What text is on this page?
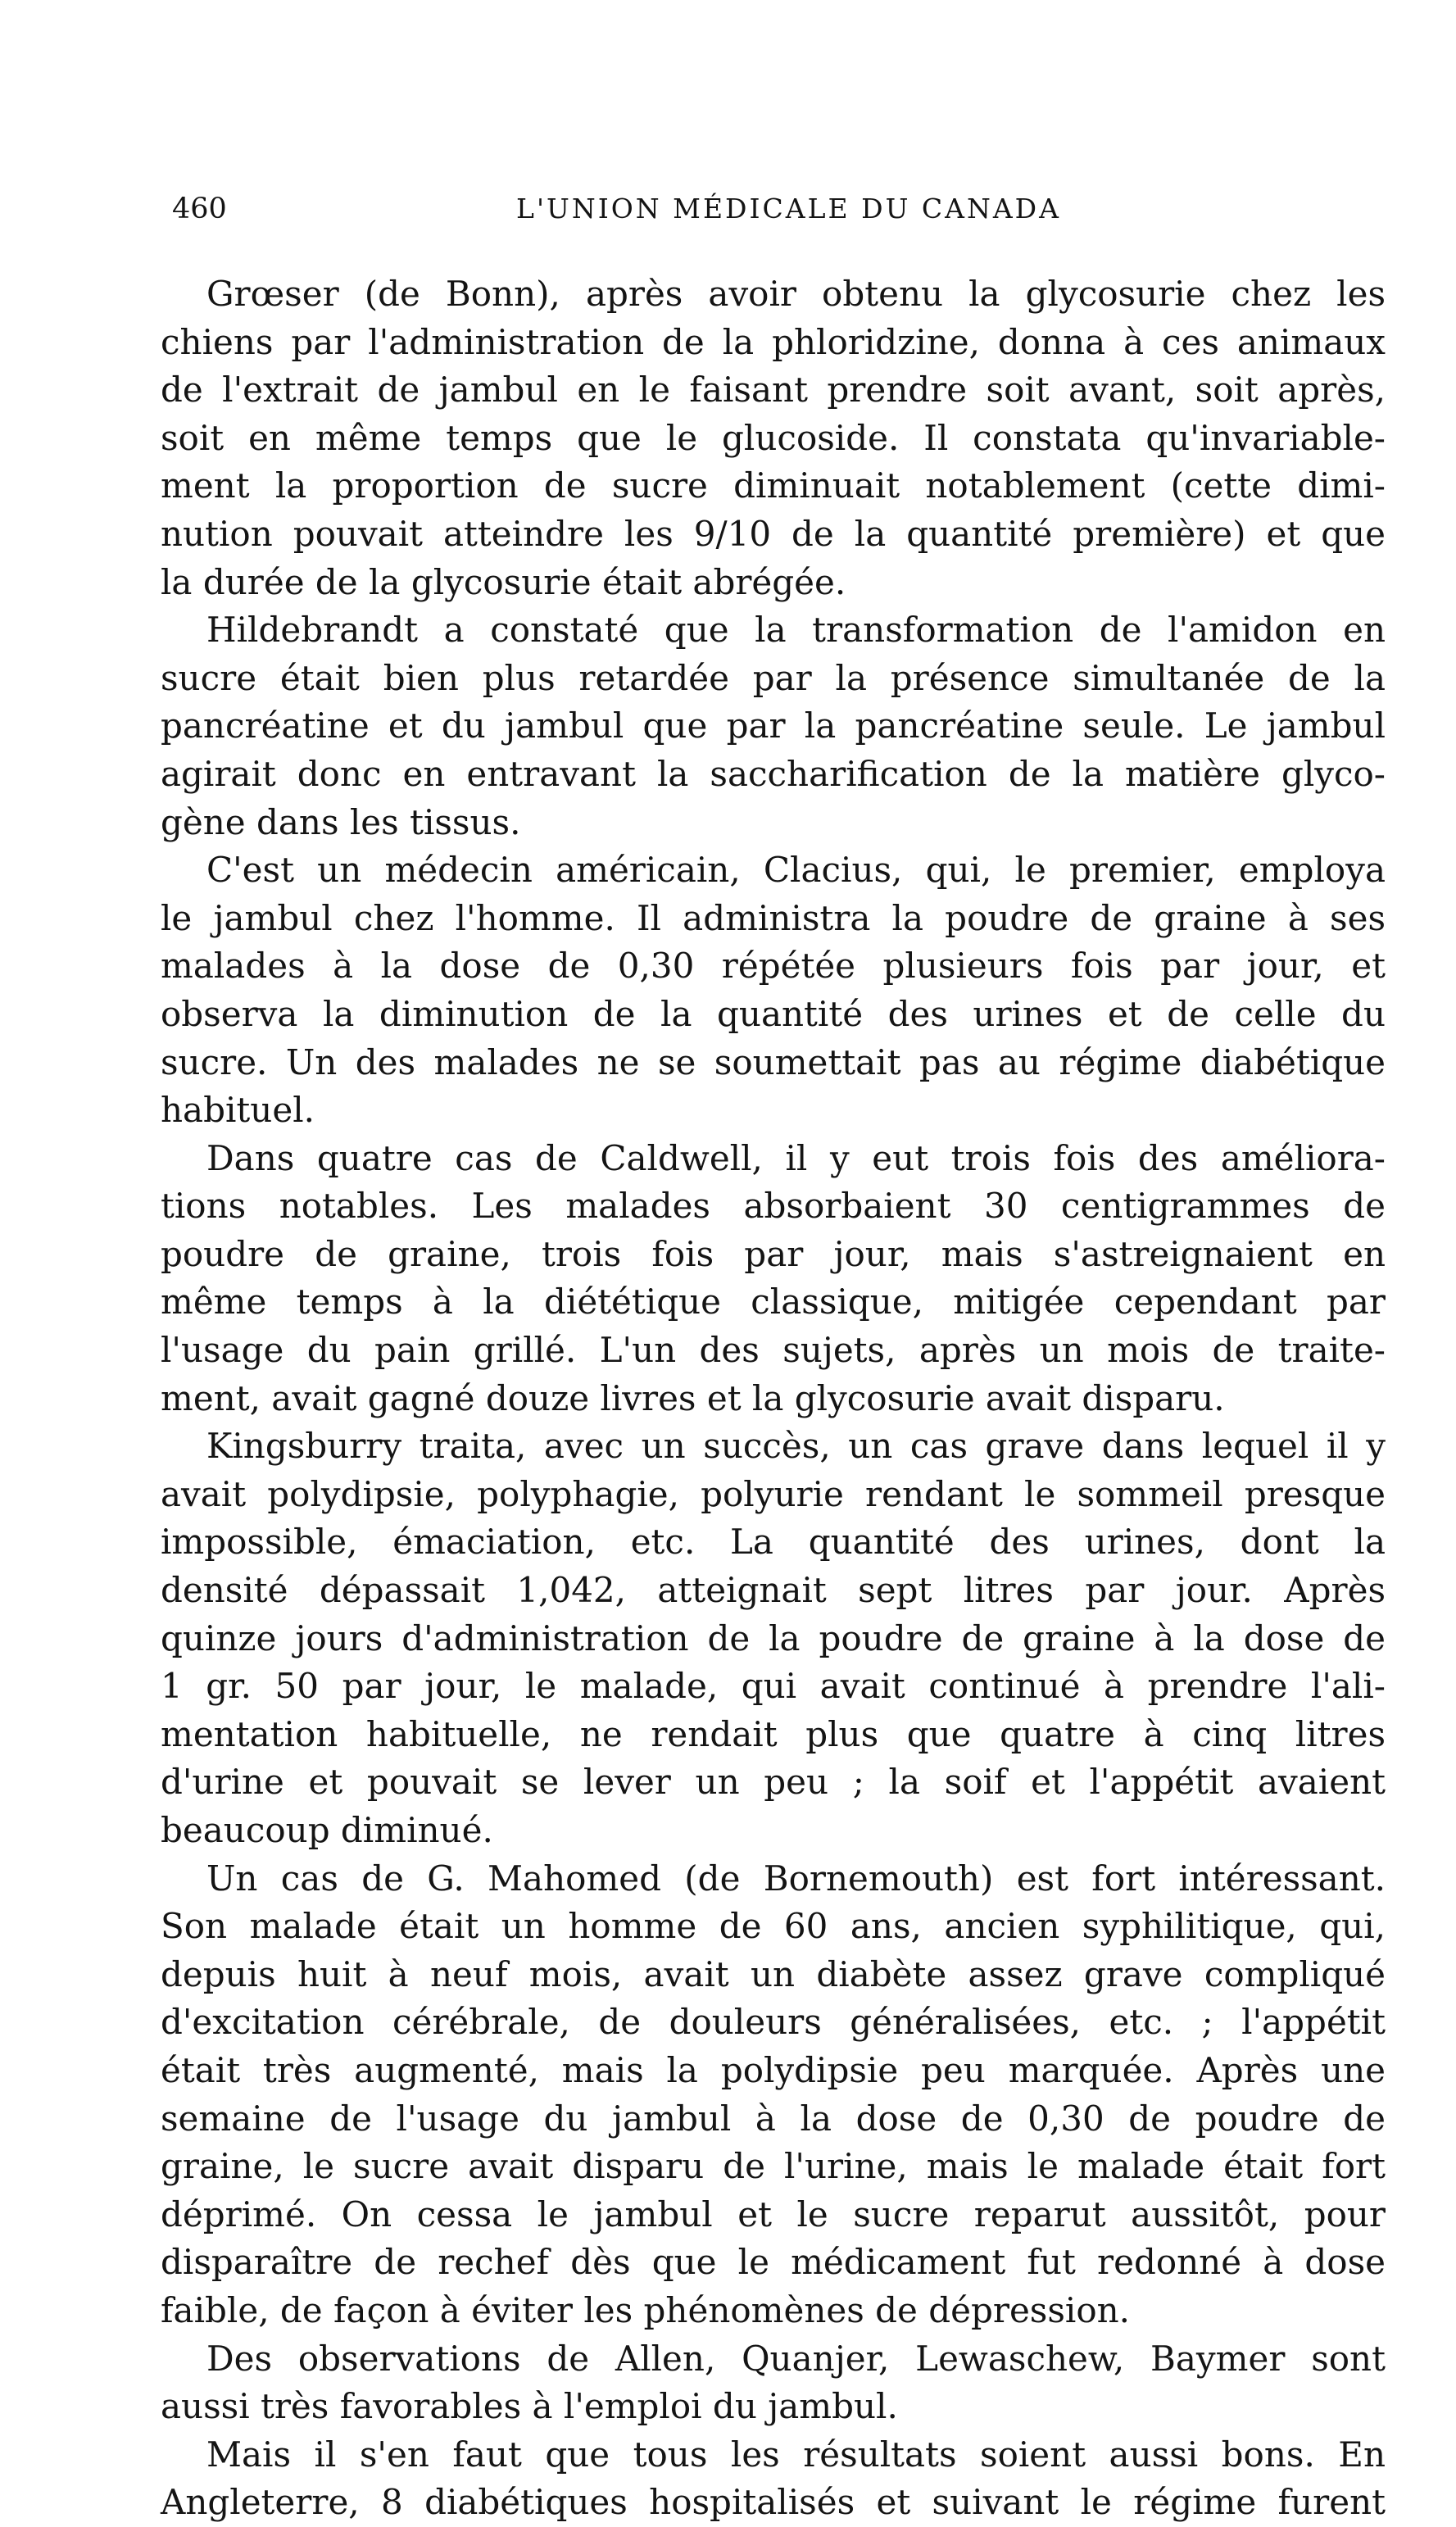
460	L'UNION MÉDICALE DU CANADA
Grœser (de Bonn), après avoir obtenu la glycosurie chez les
chiens par l'administration de la phloridzine, donna à ces animaux
de l'extrait de jambul en le faisant prendre soit avant, soit après,
soit en même temps que le glucoside. Il constata qu'invariable-
ment la proportion de sucre diminuait notablement (cette dimi-
nution pouvait atteindre les 9/10 de la quantité première) et que
la durée de la glycosurie était abrégée.
Hildebrandt a constaté que la transformation de l'amidon en
sucre était bien plus retardée par la présence simultanée de la
pancréatine et du jambul que par la pancréatine seule. Le jambul
agirait donc en entravant la saccharification de la matière glyco-
gène dans les tissus.
C'est un médecin américain, Clacius, qui, le premier, employa
le jambul chez l'homme. Il administra la poudre de graine à ses
malades à la dose de 0,30 répétée plusieurs fois par jour, et
observa la diminution de la quantité des urines et de celle du
sucre. Un des malades ne se soumettait pas au régime diabétique
habituel.
Dans quatre cas de Caldwell, il y eut trois fois des améliora-
tions notables. Les malades absorbaient 30 centigrammes de
poudre de graine, trois fois par jour, mais s'astreignaient en
même temps à la diététique classique, mitigée cependant par
l'usage du pain grillé. L'un des sujets, après un mois de traite-
ment, avait gagné douze livres et la glycosurie avait disparu.
Kingsburry traita, avec un succès, un cas grave dans lequel il y
avait polydipsie, polyphagie, polyurie rendant le sommeil presque
impossible, émaciation, etc. La quantité des urines, dont la
densité dépassait 1,042, atteignait sept litres par jour. Après
quinze jours d'administration de la poudre de graine à la dose de
1 gr. 50 par jour, le malade, qui avait continué à prendre l'ali-
mentation habituelle, ne rendait plus que quatre à cinq litres
d'urine et pouvait se lever un peu ; la soif et l'appétit avaient
beaucoup diminué.
Un cas de G. Mahomed (de Bornemouth) est fort intéressant.
Son malade était un homme de 60 ans, ancien syphilitique, qui,
depuis huit à neuf mois, avait un diabète assez grave compliqué
d'excitation cérébrale, de douleurs généralisées, etc. ; l'appétit
était très augmenté, mais la polydipsie peu marquée. Après une
semaine de l'usage du jambul à la dose de 0,30 de poudre de
graine, le sucre avait disparu de l'urine, mais le malade était fort
déprimé. On cessa le jambul et le sucre reparut aussitôt, pour
disparaître de rechef dès que le médicament fut redonné à dose
faible, de façon à éviter les phénomènes de dépression.
Des observations de Allen, Quanjer, Lewaschew, Baymer sont
aussi très favorables à l'emploi du jambul.
Mais il s'en faut que tous les résultats soient aussi bons. En
Angleterre, 8 diabétiques hospitalisés et suivant le régime furent
